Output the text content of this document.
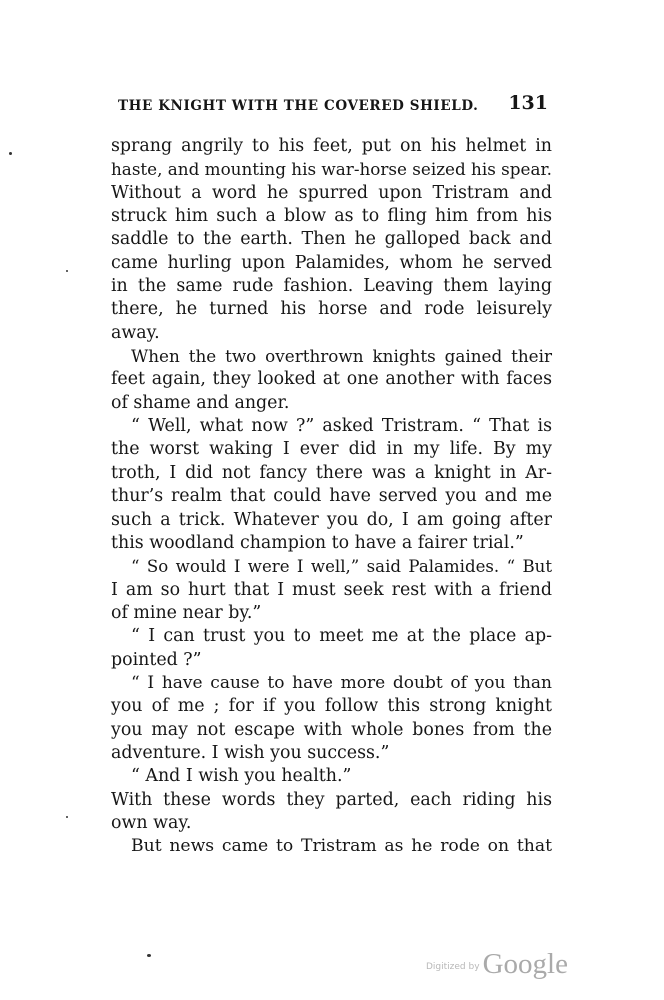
THE KNIGHT WITH THE COVERED SHIELD. 131
sprang angrily to his feet, put on his helmet in
haste, and mounting his war-horse seized his spear.
Without a word he spurred upon Tristram and
struck him such a blow as to fling him from his
saddle to the earth. Then he galloped back and
came hurling upon Palamides, whom he served
in the same rude fashion. Leaving them laying
there, he turned his horse and rode leisurely
away.
When the two overthrown knights gained their
feet again, they looked at one another with faces
of shame and anger.
“ Well, what now ?” asked Tristram. “ That is
the worst waking I ever did in my life. By my
troth, I did not fancy there was a knight in Ar-
thur’s realm that could have served you and me
such a trick. Whatever you do, I am going after
this woodland champion to have a fairer trial.”
“ So would I were I well,” said Palamides. “ But
I am so hurt that I must seek rest with a friend
of mine near by.”
“ I can trust you to meet me at the place ap-
pointed ?”
“ I have cause to have more doubt of you than
you of me ; for if you follow this strong knight
you may not escape with whole bones from the
adventure. I wish you success.”
“ And I wish you health.”
With these words they parted, each riding his
own way.
But news came to Tristram as he rode on that
$^{Digitized by}$ Google
